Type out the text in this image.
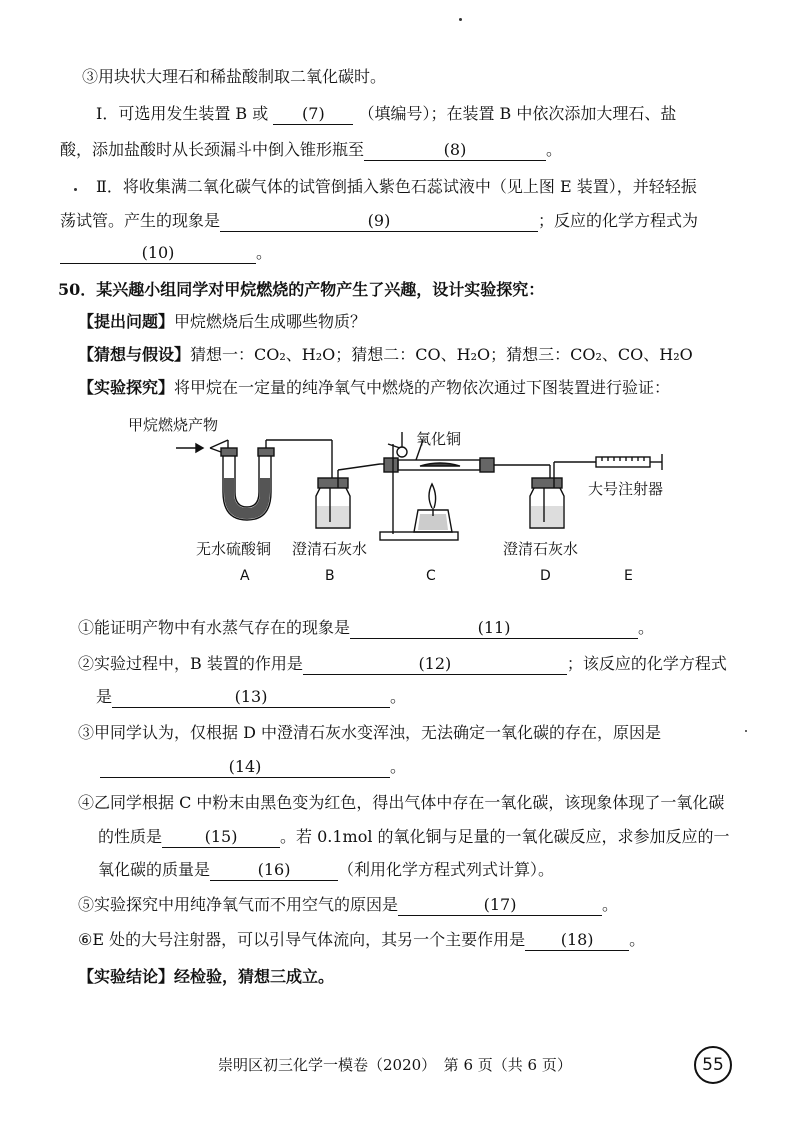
③用块状大理石和稀盐酸制取二氧化碳时。
Ⅰ．可选用发生装置 B 或 (7) （填编号）；在装置 B 中依次添加大理石、盐
酸，添加盐酸时从长颈漏斗中倒入锥形瓶至	(8)	。
Ⅱ．将收集满二氧化碳气体的试管倒插入紫色石蕊试液中（见上图 E 装置），并轻轻振
荡试管。产生的现象是	(9)	；反应的化学方程式为
(10)	。
50．某兴趣小组同学对甲烷燃烧的产物产生了兴趣，设计实验探究：
【提出问题】甲烷燃烧后生成哪些物质？
【猜想与假设】猜想一：CO₂、H₂O；猜想二：CO、H₂O；猜想三：CO₂、CO、H₂O
【实验探究】将甲烷在一定量的纯净氧气中燃烧的产物依次通过下图装置进行验证：
甲烷燃烧产物
氧化铜
大号注射器
无水硫酸铜 澄清石灰水	澄清石灰水
A	B	C	D	E
①能证明产物中有水蒸气存在的现象是	(11)	。
②实验过程中，B 装置的作用是	(12)	；该反应的化学方程式
是	(13)	。
③甲同学认为，仅根据 D 中澄清石灰水变浑浊，无法确定一氧化碳的存在，原因是
(14)	。
④乙同学根据 C 中粉末由黑色变为红色，得出气体中存在一氧化碳，该现象体现了一氧化碳
的性质是	(15)	。若 0.1mol 的氧化铜与足量的一氧化碳反应，求参加反应的一
氧化碳的质量是	(16)	（利用化学方程式列式计算）。
⑤实验探究中用纯净氧气而不用空气的原因是	(17)	。
⑥E 处的大号注射器，可以引导气体流向，其另一个主要作用是 (18) 。
【实验结论】经检验，猜想三成立。
崇明区初三化学一模卷（2020）　第 6 页（共 6 页）	55
